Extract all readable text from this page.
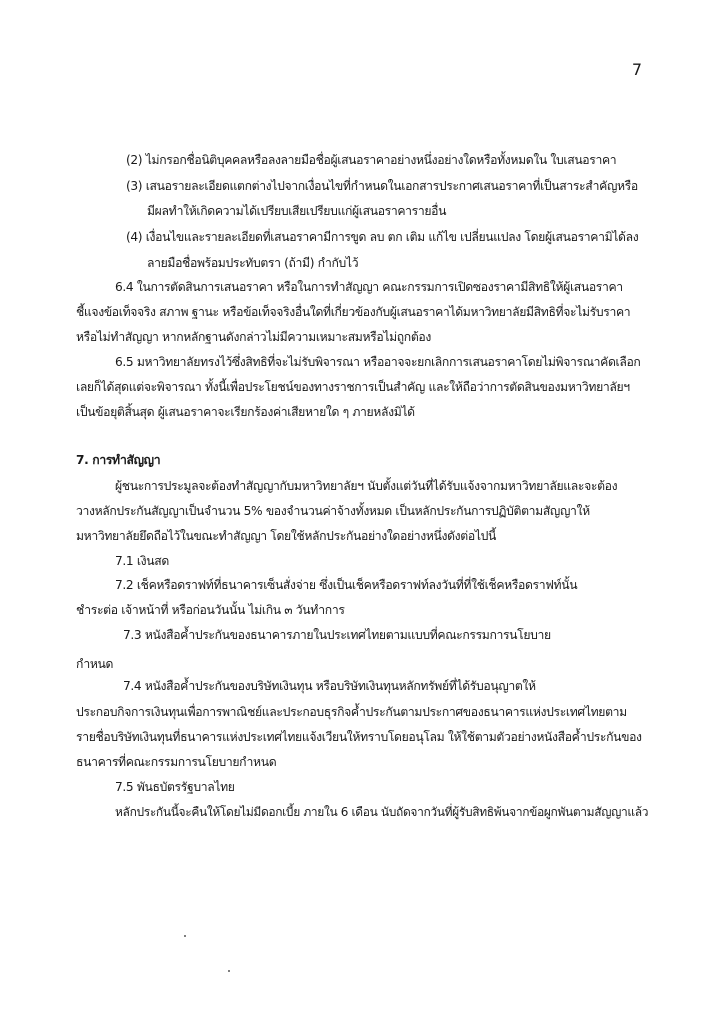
7
(2) ไม่กรอกชื่อนิติบุคคลหรือลงลายมือชื่อผู้เสนอราคาอย่างหนึ่งอย่างใดหรือทั้งหมดใน ใบเสนอราคา
(3) เสนอรายละเอียดแตกต่างไปจากเงื่อนไขที่กำหนดในเอกสารประกาศเสนอราคาที่เป็นสาระสำคัญหรือ
มีผลทำให้เกิดความได้เปรียบเสียเปรียบแก่ผู้เสนอราคารายอื่น
(4) เงื่อนไขและรายละเอียดที่เสนอราคามีการขูด ลบ ตก เติม แก้ไข เปลี่ยนแปลง โดยผู้เสนอราคามิได้ลง
ลายมือชื่อพร้อมประทับตรา (ถ้ามี) กำกับไว้
6.4 ในการตัดสินการเสนอราคา หรือในการทำสัญญา คณะกรรมการเปิดซองราคามีสิทธิให้ผู้เสนอราคา
ชี้แจงข้อเท็จจริง สภาพ ฐานะ หรือข้อเท็จจริงอื่นใดที่เกี่ยวข้องกับผู้เสนอราคาได้มหาวิทยาลัยมีสิทธิที่จะไม่รับราคา
หรือไม่ทำสัญญา หากหลักฐานดังกล่าวไม่มีความเหมาะสมหรือไม่ถูกต้อง
6.5 มหาวิทยาลัยทรงไว้ซึ่งสิทธิที่จะไม่รับพิจารณา หรืออาจจะยกเลิกการเสนอราคาโดยไม่พิจารณาคัดเลือก
เลยก็ได้สุดแต่จะพิจารณา ทั้งนี้เพื่อประโยชน์ของทางราชการเป็นสำคัญ และให้ถือว่าการตัดสินของมหาวิทยาลัยฯ
เป็นข้อยุติสิ้นสุด ผู้เสนอราคาจะเรียกร้องค่าเสียหายใด ๆ ภายหลังมิได้
7. การทำสัญญา
ผู้ชนะการประมูลจะต้องทำสัญญากับมหาวิทยาลัยฯ นับตั้งแต่วันที่ได้รับแจ้งจากมหาวิทยาลัยและจะต้อง
วางหลักประกันสัญญาเป็นจำนวน 5% ของจำนวนค่าจ้างทั้งหมด เป็นหลักประกันการปฏิบัติตามสัญญาให้
มหาวิทยาลัยยึดถือไว้ในขณะทำสัญญา โดยใช้หลักประกันอย่างใดอย่างหนึ่งดังต่อไปนี้
7.1 เงินสด
7.2 เช็คหรือดราฟท์ที่ธนาคารเซ็นสั่งจ่าย ซึ่งเป็นเช็คหรือดราฟท์ลงวันที่ที่ใช้เช็คหรือดราฟท์นั้น
ชำระต่อ เจ้าหน้าที่ หรือก่อนวันนั้น ไม่เกิน ๓ วันทำการ
7.3 หนังสือค้ำประกันของธนาคารภายในประเทศไทยตามแบบที่คณะกรรมการนโยบาย
กำหนด
7.4 หนังสือค้ำประกันของบริษัทเงินทุน หรือบริษัทเงินทุนหลักทรัพย์ที่ได้รับอนุญาตให้
ประกอบกิจการเงินทุนเพื่อการพาณิชย์และประกอบธุรกิจค้ำประกันตามประกาศของธนาคารแห่งประเทศไทยตาม
รายชื่อบริษัทเงินทุนที่ธนาคารแห่งประเทศไทยแจ้งเวียนให้ทราบโดยอนุโลม ให้ใช้ตามตัวอย่างหนังสือค้ำประกันของ
ธนาคารที่คณะกรรมการนโยบายกำหนด
7.5 พันธบัตรรัฐบาลไทย
หลักประกันนี้จะคืนให้โดยไม่มีดอกเบี้ย ภายใน 6 เดือน นับถัดจากวันที่ผู้รับสิทธิพ้นจากข้อผูกพันตามสัญญาแล้ว
